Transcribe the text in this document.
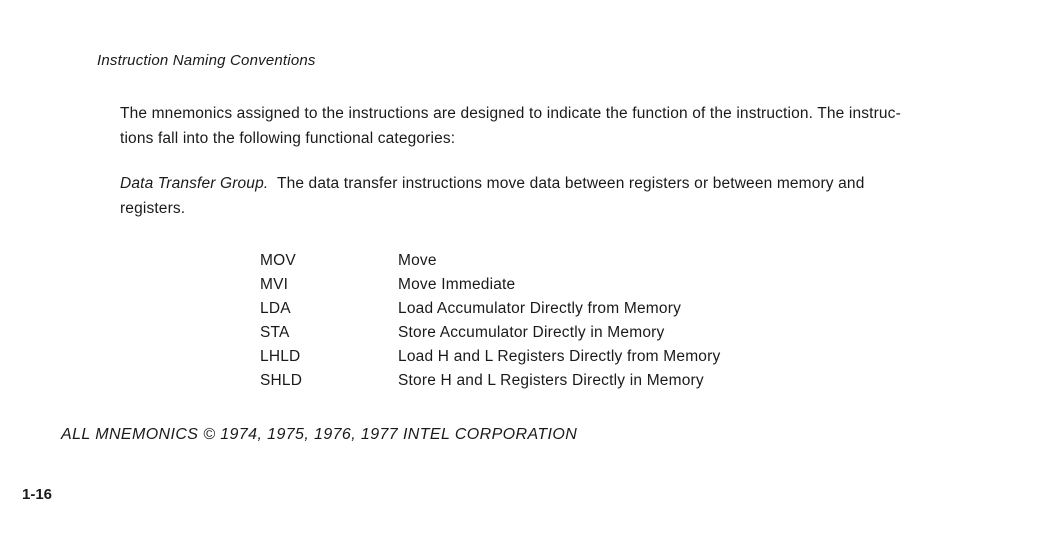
Instruction Naming Conventions
The mnemonics assigned to the instructions are designed to indicate the function of the instruction. The instruc-
tions fall into the following functional categories:
Data Transfer Group.  The data transfer instructions move data between registers or between memory and
registers.
MOV	Move
MVI	Move Immediate
LDA	Load Accumulator Directly from Memory
STA	Store Accumulator Directly in Memory
LHLD	Load H and L Registers Directly from Memory
SHLD	Store H and L Registers Directly in Memory
ALL MNEMONICS © 1974, 1975, 1976, 1977 INTEL CORPORATION
1-16
